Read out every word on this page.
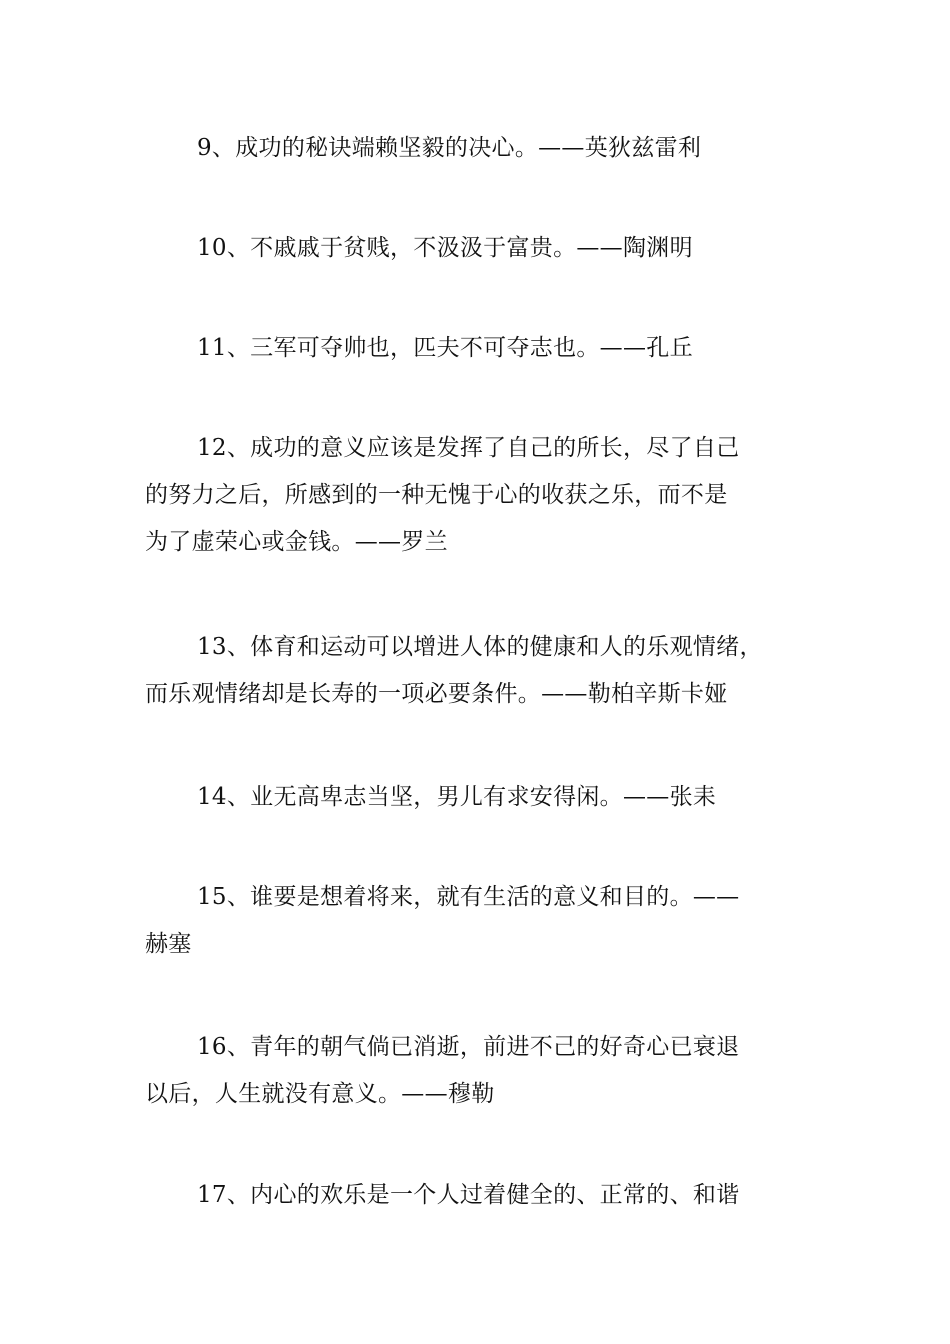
9、成功的秘诀端赖坚毅的决心。——英狄兹雷利

10、不戚戚于贫贱，不汲汲于富贵。——陶渊明

11、三军可夺帅也，匹夫不可夺志也。——孔丘

12、成功的意义应该是发挥了自己的所长，尽了自己
的努力之后，所感到的一种无愧于心的收获之乐，而不是
为了虚荣心或金钱。——罗兰

13、体育和运动可以增进人体的健康和人的乐观情绪，
而乐观情绪却是长寿的一项必要条件。——勒柏辛斯卡娅

14、业无高卑志当坚，男儿有求安得闲。——张耒

15、谁要是想着将来，就有生活的意义和目的。——
赫塞

16、青年的朝气倘已消逝，前进不己的好奇心已衰退
以后，人生就没有意义。——穆勒

17、内心的欢乐是一个人过着健全的、正常的、和谐
